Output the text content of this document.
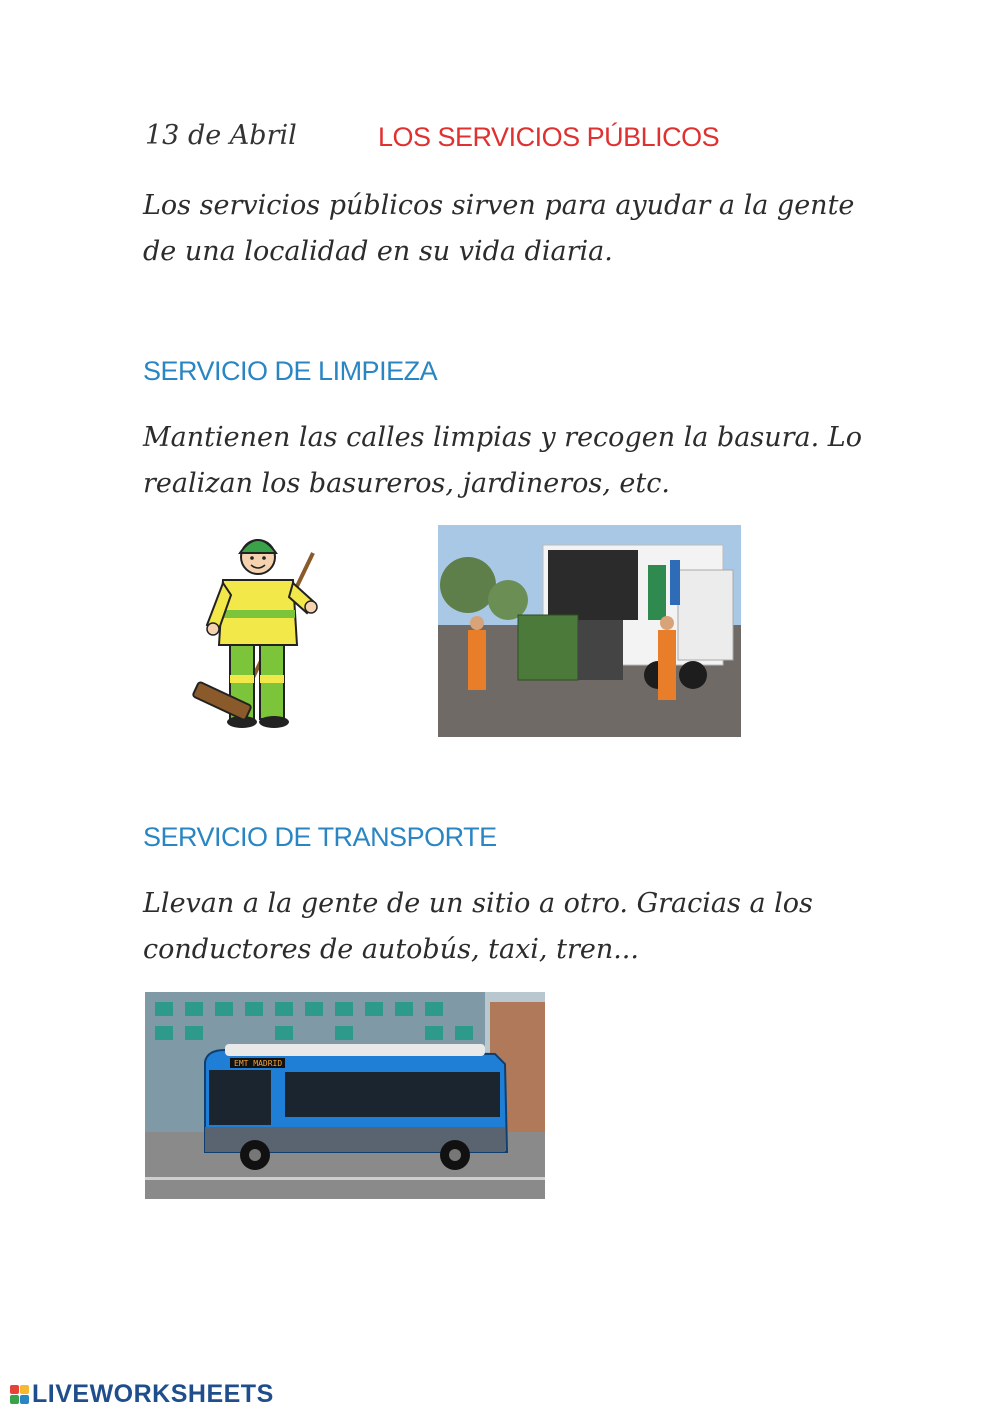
13 de Abril	LOS SERVICIOS PÚBLICOS
Los servicios públicos sirven para ayudar a la gente
de una localidad en su vida diaria.
SERVICIO DE LIMPIEZA
Mantienen las calles limpias y recogen la basura. Lo
realizan los basureros, jardineros, etc.
SERVICIO DE TRANSPORTE
Llevan a la gente de un sitio a otro. Gracias a los
conductores de autobús, taxi, tren...
EMT MADRID
LIVEWORKSHEETS
